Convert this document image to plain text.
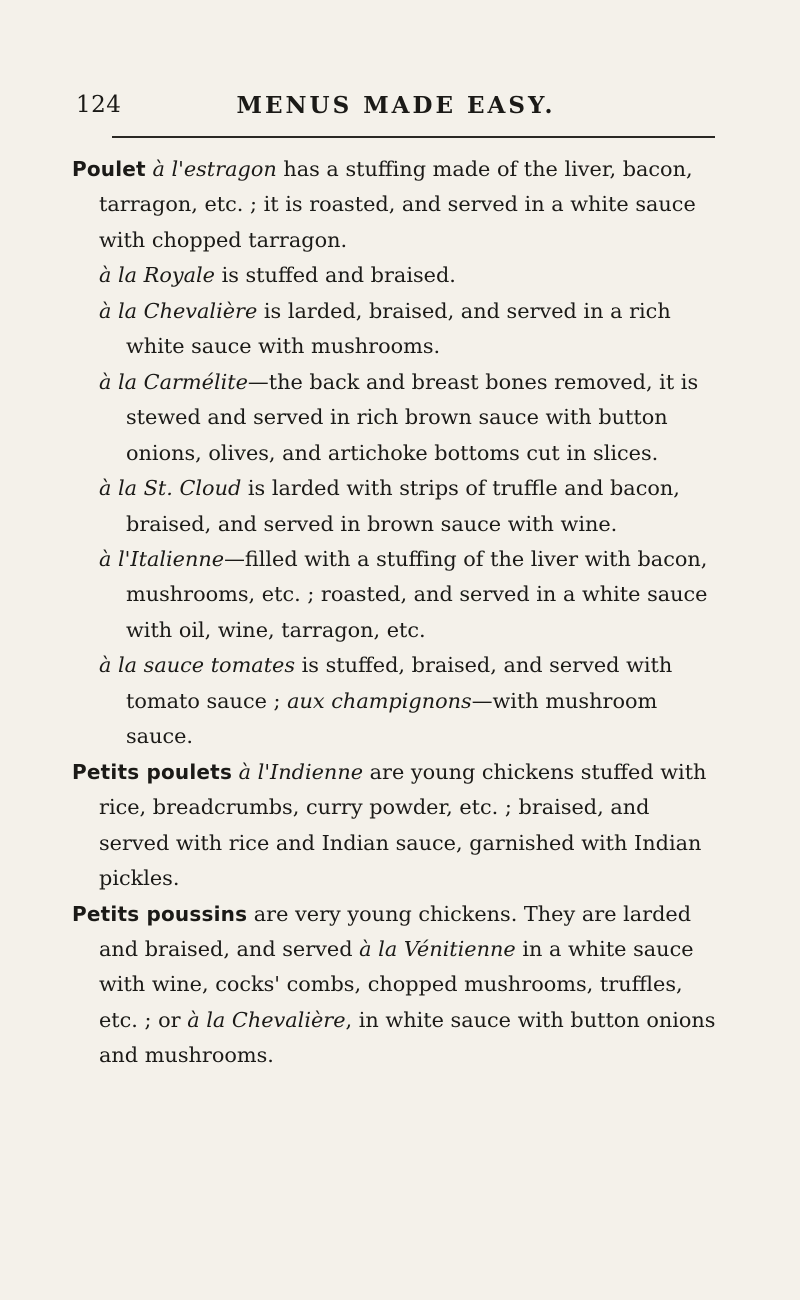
124	MENUS MADE EASY.

Poulet à l'estragon has a stuffing made of the liver, bacon, tarragon, etc. ; it is roasted, and served in a white sauce with chopped tarragon.

à la Royale is stuffed and braised.

à la Chevalière is larded, braised, and served in a rich white sauce with mushrooms.

à la Carmélite—the back and breast bones removed, it is stewed and served in rich brown sauce with button onions, olives, and artichoke bottoms cut in slices.

à la St. Cloud is larded with strips of truffle and bacon, braised, and served in brown sauce with wine.

à l'Italienne—filled with a stuffing of the liver with bacon, mushrooms, etc. ; roasted, and served in a white sauce with oil, wine, tarragon, etc.

à la sauce tomates is stuffed, braised, and served with tomato sauce ; aux champignons—with mushroom sauce.

Petits poulets à l'Indienne are young chickens stuffed with rice, breadcrumbs, curry powder, etc. ; braised, and served with rice and Indian sauce, garnished with Indian pickles.

Petits poussins are very young chickens. They are larded and braised, and served à la Vénitienne in a white sauce with wine, cocks' combs, chopped mushrooms, truffles, etc. ; or à la Chevalière, in white sauce with button onions and mushrooms.
